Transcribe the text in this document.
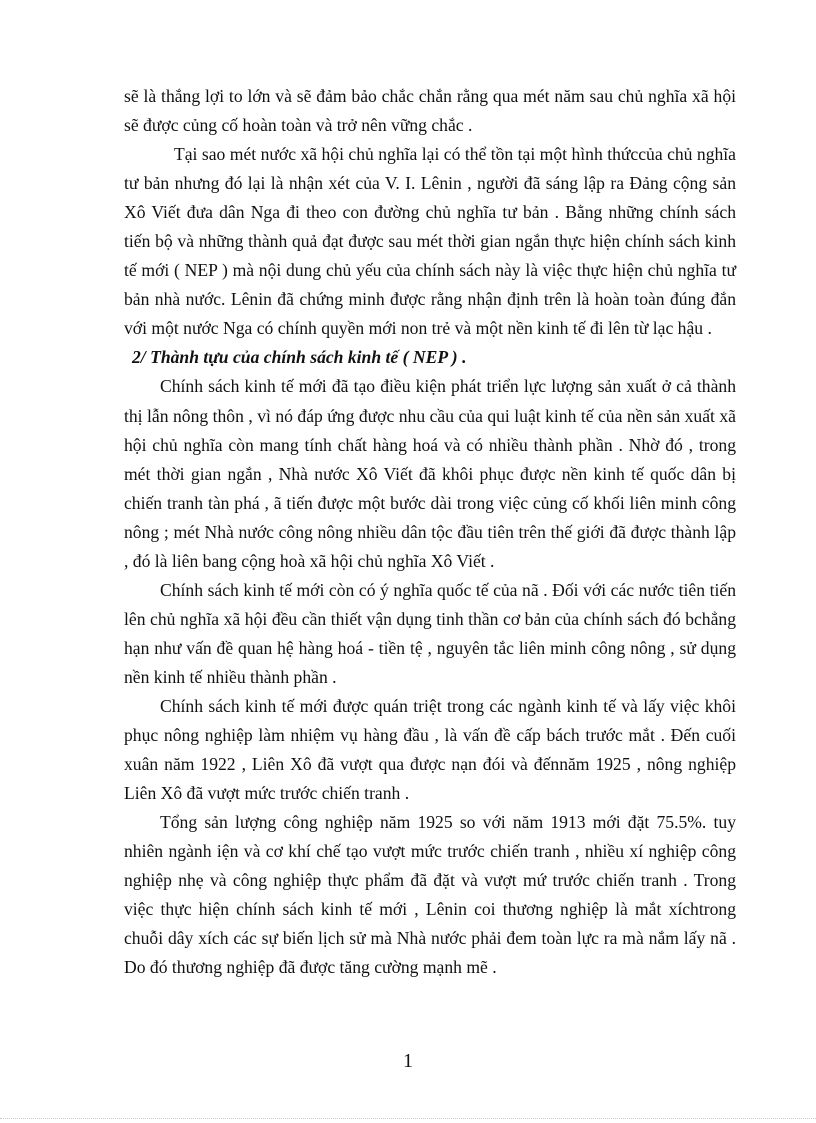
sẽ là thắng lợi to lớn và sẽ đảm bảo chắc chắn rằng qua mét năm sau chủ nghĩa xã hội sẽ được củng cố hoàn toàn và trở nên vững chắc .

Tại sao mét nước xã hội chủ nghĩa lại có thể tồn tại một hình thứccủa chủ nghĩa tư bản nhưng đó lại là nhận xét của V. I. Lênin , người đã sáng lập ra Đảng cộng sản Xô Viết đưa dân Nga đi theo con đường chủ nghĩa tư bản . Bằng những chính sách tiến bộ và những thành quả đạt được sau mét thời gian ngắn thực hiện chính sách kinh tế mới ( NEP ) mà nội dung chủ yếu của chính sách này là việc thực hiện chủ nghĩa tư bản nhà nước. Lênin đã chứng minh được rằng nhận định trên là hoàn toàn đúng đắn với một nước Nga có chính quyền mới non trẻ và một nền kinh tế đi lên từ lạc hậu .

2/ Thành tựu của chính sách kinh tế ( NEP ) .

Chính sách kinh tế mới đã tạo điều kiện phát triển lực lượng sản xuất ở cả thành thị lẫn nông thôn , vì nó đáp ứng được nhu cầu của qui luật kinh tế của nền sản xuất xã hội chủ nghĩa còn mang tính chất hàng hoá và có nhiều thành phần . Nhờ đó , trong mét thời gian ngắn , Nhà nước Xô Viết đã khôi phục được nền kinh tế quốc dân bị chiến tranh tàn phá , ã tiến được một bước dài trong việc củng cố khối liên minh công nông ; mét Nhà nước công nông nhiều dân tộc đầu tiên trên thế giới đã được thành lập , đó là liên bang cộng hoà xã hội chủ nghĩa Xô Viết .

Chính sách kinh tế mới còn có ý nghĩa quốc tế của nã . Đối với các nước tiên tiến lên chủ nghĩa xã hội đều cần thiết vận dụng tinh thần cơ bản của chính sách đó bchẳng hạn như vấn đề quan hệ hàng hoá - tiền tệ , nguyên tắc liên minh công nông , sử dụng nền kinh tế nhiều thành phần .

Chính sách kinh tế mới được quán triệt trong các ngành kinh tế và lấy việc khôi phục nông nghiệp làm nhiệm vụ hàng đầu , là vấn đề cấp bách trước mắt . Đến cuối xuân năm 1922 , Liên Xô đã vượt qua được nạn đói và đếnnăm 1925 , nông nghiệp Liên Xô đã vượt mức trước chiến tranh .

Tổng sản lượng công nghiệp năm 1925 so với năm 1913 mới đặt 75.5%. tuy nhiên ngành iện và cơ khí chế tạo vượt mức trước chiến tranh , nhiều xí nghiệp công nghiệp nhẹ và công nghiệp thực phẩm đã đặt và vượt mứ trước chiến tranh . Trong việc thực hiện chính sách kinh tế mới , Lênin coi thương nghiệp là mắt xíchtrong chuỗi dây xích các sự biến lịch sử mà Nhà nước phải đem toàn lực ra mà nắm lấy nã . Do đó thương nghiệp đã được tăng cường mạnh mẽ .

1
